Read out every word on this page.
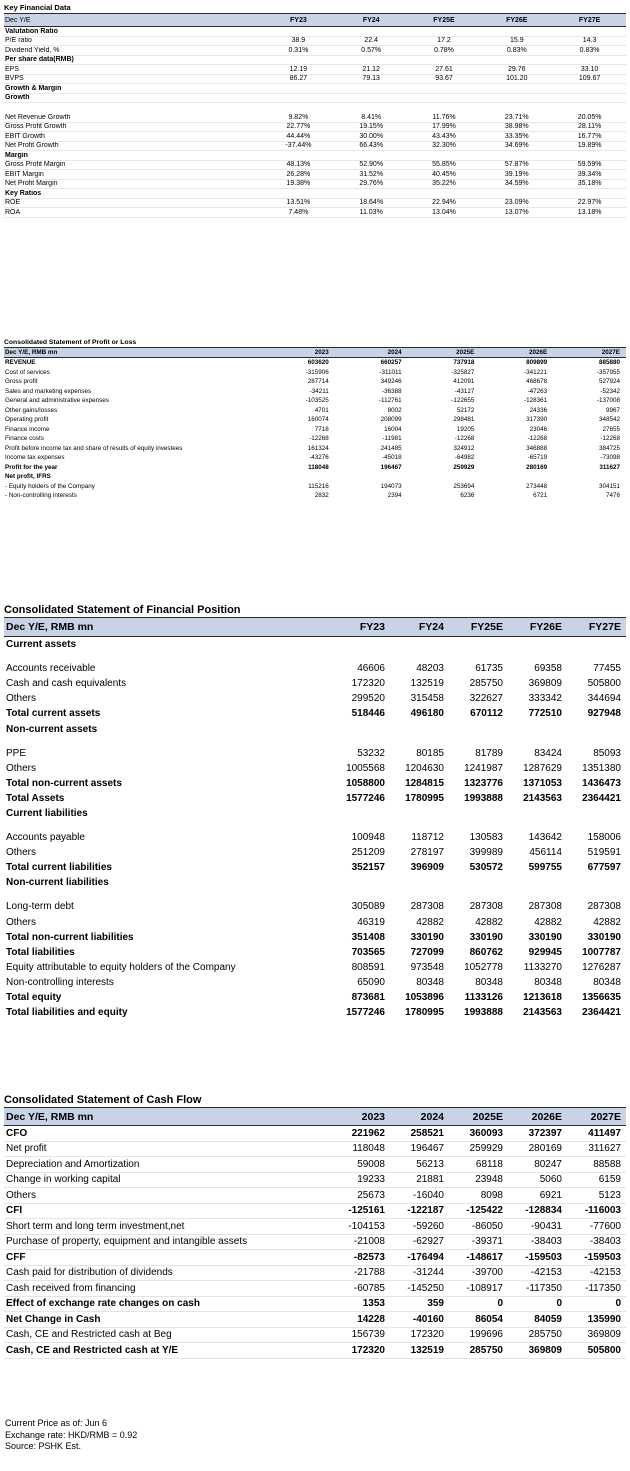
Key Financial Data
Dec Y/E	FY23	FY24	FY25E	FY26E	FY27E
Valutation Ratio
P/E ratio	38.9	22.4	17.2	15.9	14.3
Dividend Yield, %	0.31%	0.57%	0.78%	0.83%	0.83%
Per share data(RMB)
EPS	12.19	21.12	27.61	29.76	33.10
BVPS	86.27	79.13	93.67	101.20	109.67
Growth & Margin
Growth
Net Revenue Growth	9.82%	8.41%	11.76%	23.71%	20.05%
Gross Profit Growth	22.77%	19.15%	17.99%	38.98%	28.11%
EBIT Growth	44.44%	30.00%	43.43%	33.35%	16.77%
Net Profit Growth	-37.44%	66.43%	32.30%	34.69%	19.89%
Margin
Gross Profit Margin	48.13%	52.90%	55.85%	57.87%	59.59%
EBIT Margin	26.28%	31.52%	40.45%	39.19%	39.34%
Net Profit Margin	19.38%	29.76%	35.22%	34.59%	35.18%
Key Ratios
ROE	13.51%	18.64%	22.94%	23.09%	22.97%
ROA	7.48%	11.03%	13.04%	13.07%	13.18%
Consolidated Statement of Profit or Loss
Dec Y/E, RMB mn	2023	2024	2025E	2026E	2027E
REVENUE	603620	660257	737918	809899	885880
Cost of services	-315906	-311011	-325827	-341221	-357955
Gross profit	287714	349246	412091	468678	527924
Sales and marketing expenses	-34211	-36388	-43127	-47263	-52342
General and administrative expenses	-103525	-112761	-122655	-128361	-137008
Other gains/losses	4701	8002	52172	24336	9967
Operating profit	160074	208099	298481	317390	348542
Finance income	7718	16004	19205	23046	27655
Finance costs	-12268	-11981	-12268	-12268	-12268
Profit before income tax and share of results of equity investees	161324	241485	324912	346888	384725
Income tax expenses	-43276	-45018	-64982	-65719	-73098
Profit for the year	118048	196467	259929	280169	311627
Net profit, IFRS
- Equity holders of the Company	115216	194073	253694	273448	304151
- Non-controlling interests	2832	2394	6236	6721	7476
Consolidated Statement of Financial Position
Dec Y/E, RMB mn	FY23	FY24	FY25E	FY26E	FY27E
Current assets
Accounts receivable	46606	48203	61735	69358	77455
Cash and cash equivalents	172320	132519	285750	369809	505800
Others	299520	315458	322627	333342	344694
Total current assets	518446	496180	670112	772510	927948
Non-current assets
PPE	53232	80185	81789	83424	85093
Others	1005568	1204630	1241987	1287629	1351380
Total non-current assets	1058800	1284815	1323776	1371053	1436473
Total Assets	1577246	1780995	1993888	2143563	2364421
Current liabilities
Accounts payable	100948	118712	130583	143642	158006
Others	251209	278197	399989	456114	519591
Total current liabilities	352157	396909	530572	599755	677597
Non-current liabilities
Long-term debt	305089	287308	287308	287308	287308
Others	46319	42882	42882	42882	42882
Total non-current liabilities	351408	330190	330190	330190	330190
Total liabilities	703565	727099	860762	929945	1007787
Equity attributable to equity holders of the Company	808591	973548	1052778	1133270	1276287
Non-controlling interests	65090	80348	80348	80348	80348
Total equity	873681	1053896	1133126	1213618	1356635
Total liabilities and equity	1577246	1780995	1993888	2143563	2364421
Consolidated Statement of Cash Flow
Dec Y/E, RMB mn	2023	2024	2025E	2026E	2027E
CFO	221962	258521	360093	372397	411497
Net profit	118048	196467	259929	280169	311627
Depreciation and Amortization	59008	56213	68118	80247	88588
Change in working capital	19233	21881	23948	5060	6159
Others	25673	-16040	8098	6921	5123
CFI	-125161	-122187	-125422	-128834	-116003
Short term and long term investment,net	-104153	-59260	-86050	-90431	-77600
Purchase of property, equipment and intangible assets	-21008	-62927	-39371	-38403	-38403
CFF	-82573	-176494	-148617	-159503	-159503
Cash paid for distribution of dividends	-21788	-31244	-39700	-42153	-42153
Cash received from financing	-60785	-145250	-108917	-117350	-117350
Effect of exchange rate changes on cash	1353	359	0	0	0
Net Change in Cash	14228	-40160	86054	84059	135990
Cash, CE and Restricted cash at Beg	156739	172320	199696	285750	369809
Cash, CE and Restricted cash at Y/E	172320	132519	285750	369809	505800
Current Price as of: Jun 6
Exchange rate: HKD/RMB = 0.92
Source: PSHK Est.
